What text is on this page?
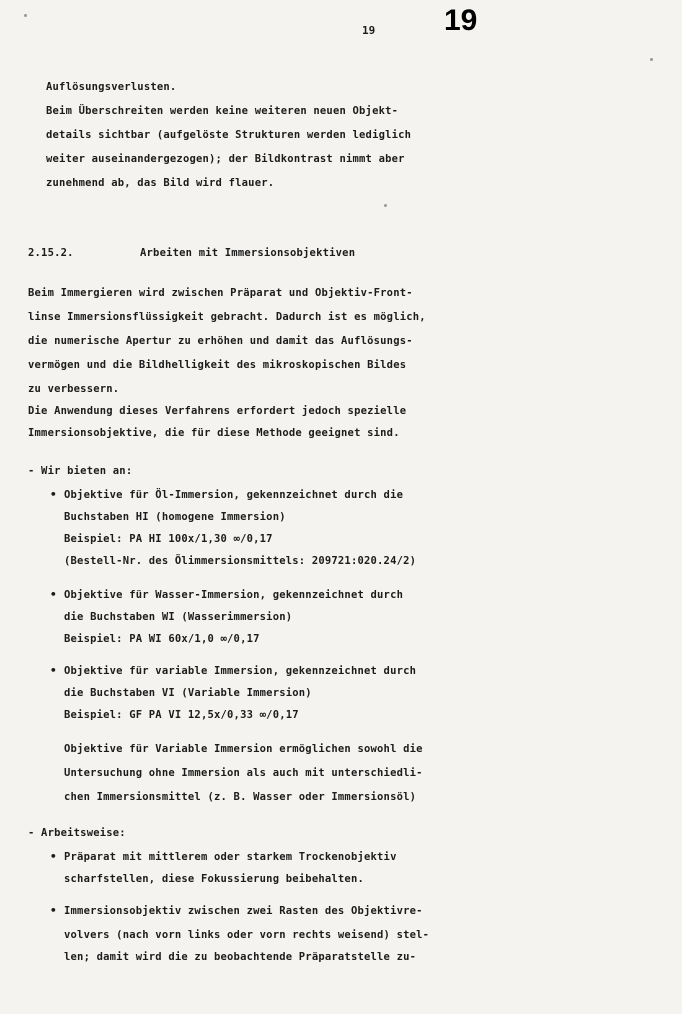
19 19
Auflösungsverlusten.
Beim Überschreiten werden keine weiteren neuen Objekt-
details sichtbar (aufgelöste Strukturen werden lediglich
weiter auseinandergezogen); der Bildkontrast nimmt aber
zunehmend ab, das Bild wird flauer.
2.15.2.	Arbeiten mit Immersionsobjektiven
Beim Immergieren wird zwischen Präparat und Objektiv-Front-
linse Immersionsflüssigkeit gebracht. Dadurch ist es möglich,
die numerische Apertur zu erhöhen und damit das Auflösungs-
vermögen und die Bildhelligkeit des mikroskopischen Bildes
zu verbessern.
Die Anwendung dieses Verfahrens erfordert jedoch spezielle
Immersionsobjektive, die für diese Methode geeignet sind.
- Wir bieten an:
• Objektive für Öl-Immersion, gekennzeichnet durch die
Buchstaben HI (homogene Immersion)
Beispiel: PA HI 100x/1,30 ∞/0,17
(Bestell-Nr. des Ölimmersionsmittels: 209721:020.24/2)
• Objektive für Wasser-Immersion, gekennzeichnet durch
die Buchstaben WI (Wasserimmersion)
Beispiel: PA WI 60x/1,0 ∞/0,17
• Objektive für variable Immersion, gekennzeichnet durch
die Buchstaben VI (Variable Immersion)
Beispiel: GF PA VI 12,5x/0,33 ∞/0,17
Objektive für Variable Immersion ermöglichen sowohl die
Untersuchung ohne Immersion als auch mit unterschiedli-
chen Immersionsmittel (z. B. Wasser oder Immersionsöl)
- Arbeitsweise:
• Präparat mit mittlerem oder starkem Trockenobjektiv
scharfstellen, diese Fokussierung beibehalten.
• Immersionsobjektiv zwischen zwei Rasten des Objektivre-
volvers (nach vorn links oder vorn rechts weisend) stel-
len; damit wird die zu beobachtende Präparatstelle zu-
